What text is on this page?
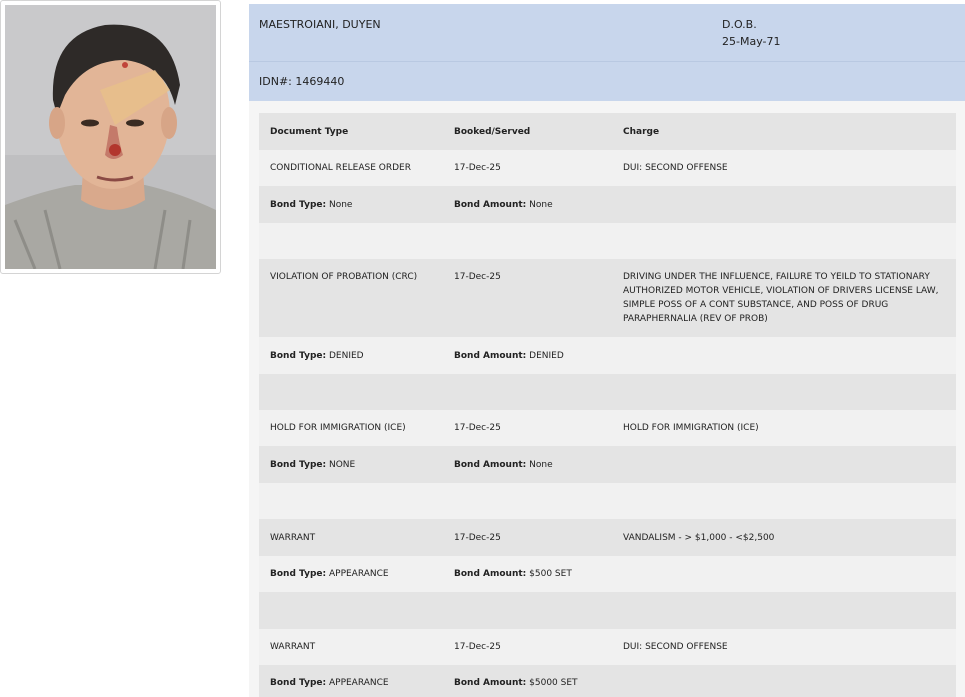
MAESTROIANI, DUYEN	D.O.B.
25-May-71
IDN#: 1469440
Document Type	Booked/Served	Charge
CONDITIONAL RELEASE ORDER	17-Dec-25	DUI: SECOND OFFENSE
Bond Type: None	Bond Amount: None
VIOLATION OF PROBATION (CRC)	17-Dec-25	DRIVING UNDER THE INFLUENCE, FAILURE TO YEILD TO STATIONARY AUTHORIZED MOTOR VEHICLE, VIOLATION OF DRIVERS LICENSE LAW, SIMPLE POSS OF A CONT SUBSTANCE, AND POSS OF DRUG PARAPHERNALIA (REV OF PROB)
Bond Type: DENIED	Bond Amount: DENIED
HOLD FOR IMMIGRATION (ICE)	17-Dec-25	HOLD FOR IMMIGRATION (ICE)
Bond Type: NONE	Bond Amount: None
WARRANT	17-Dec-25	VANDALISM - > $1,000 - <$2,500
Bond Type: APPEARANCE	Bond Amount: $500 SET
WARRANT	17-Dec-25	DUI: SECOND OFFENSE
Bond Type: APPEARANCE	Bond Amount: $5000 SET
